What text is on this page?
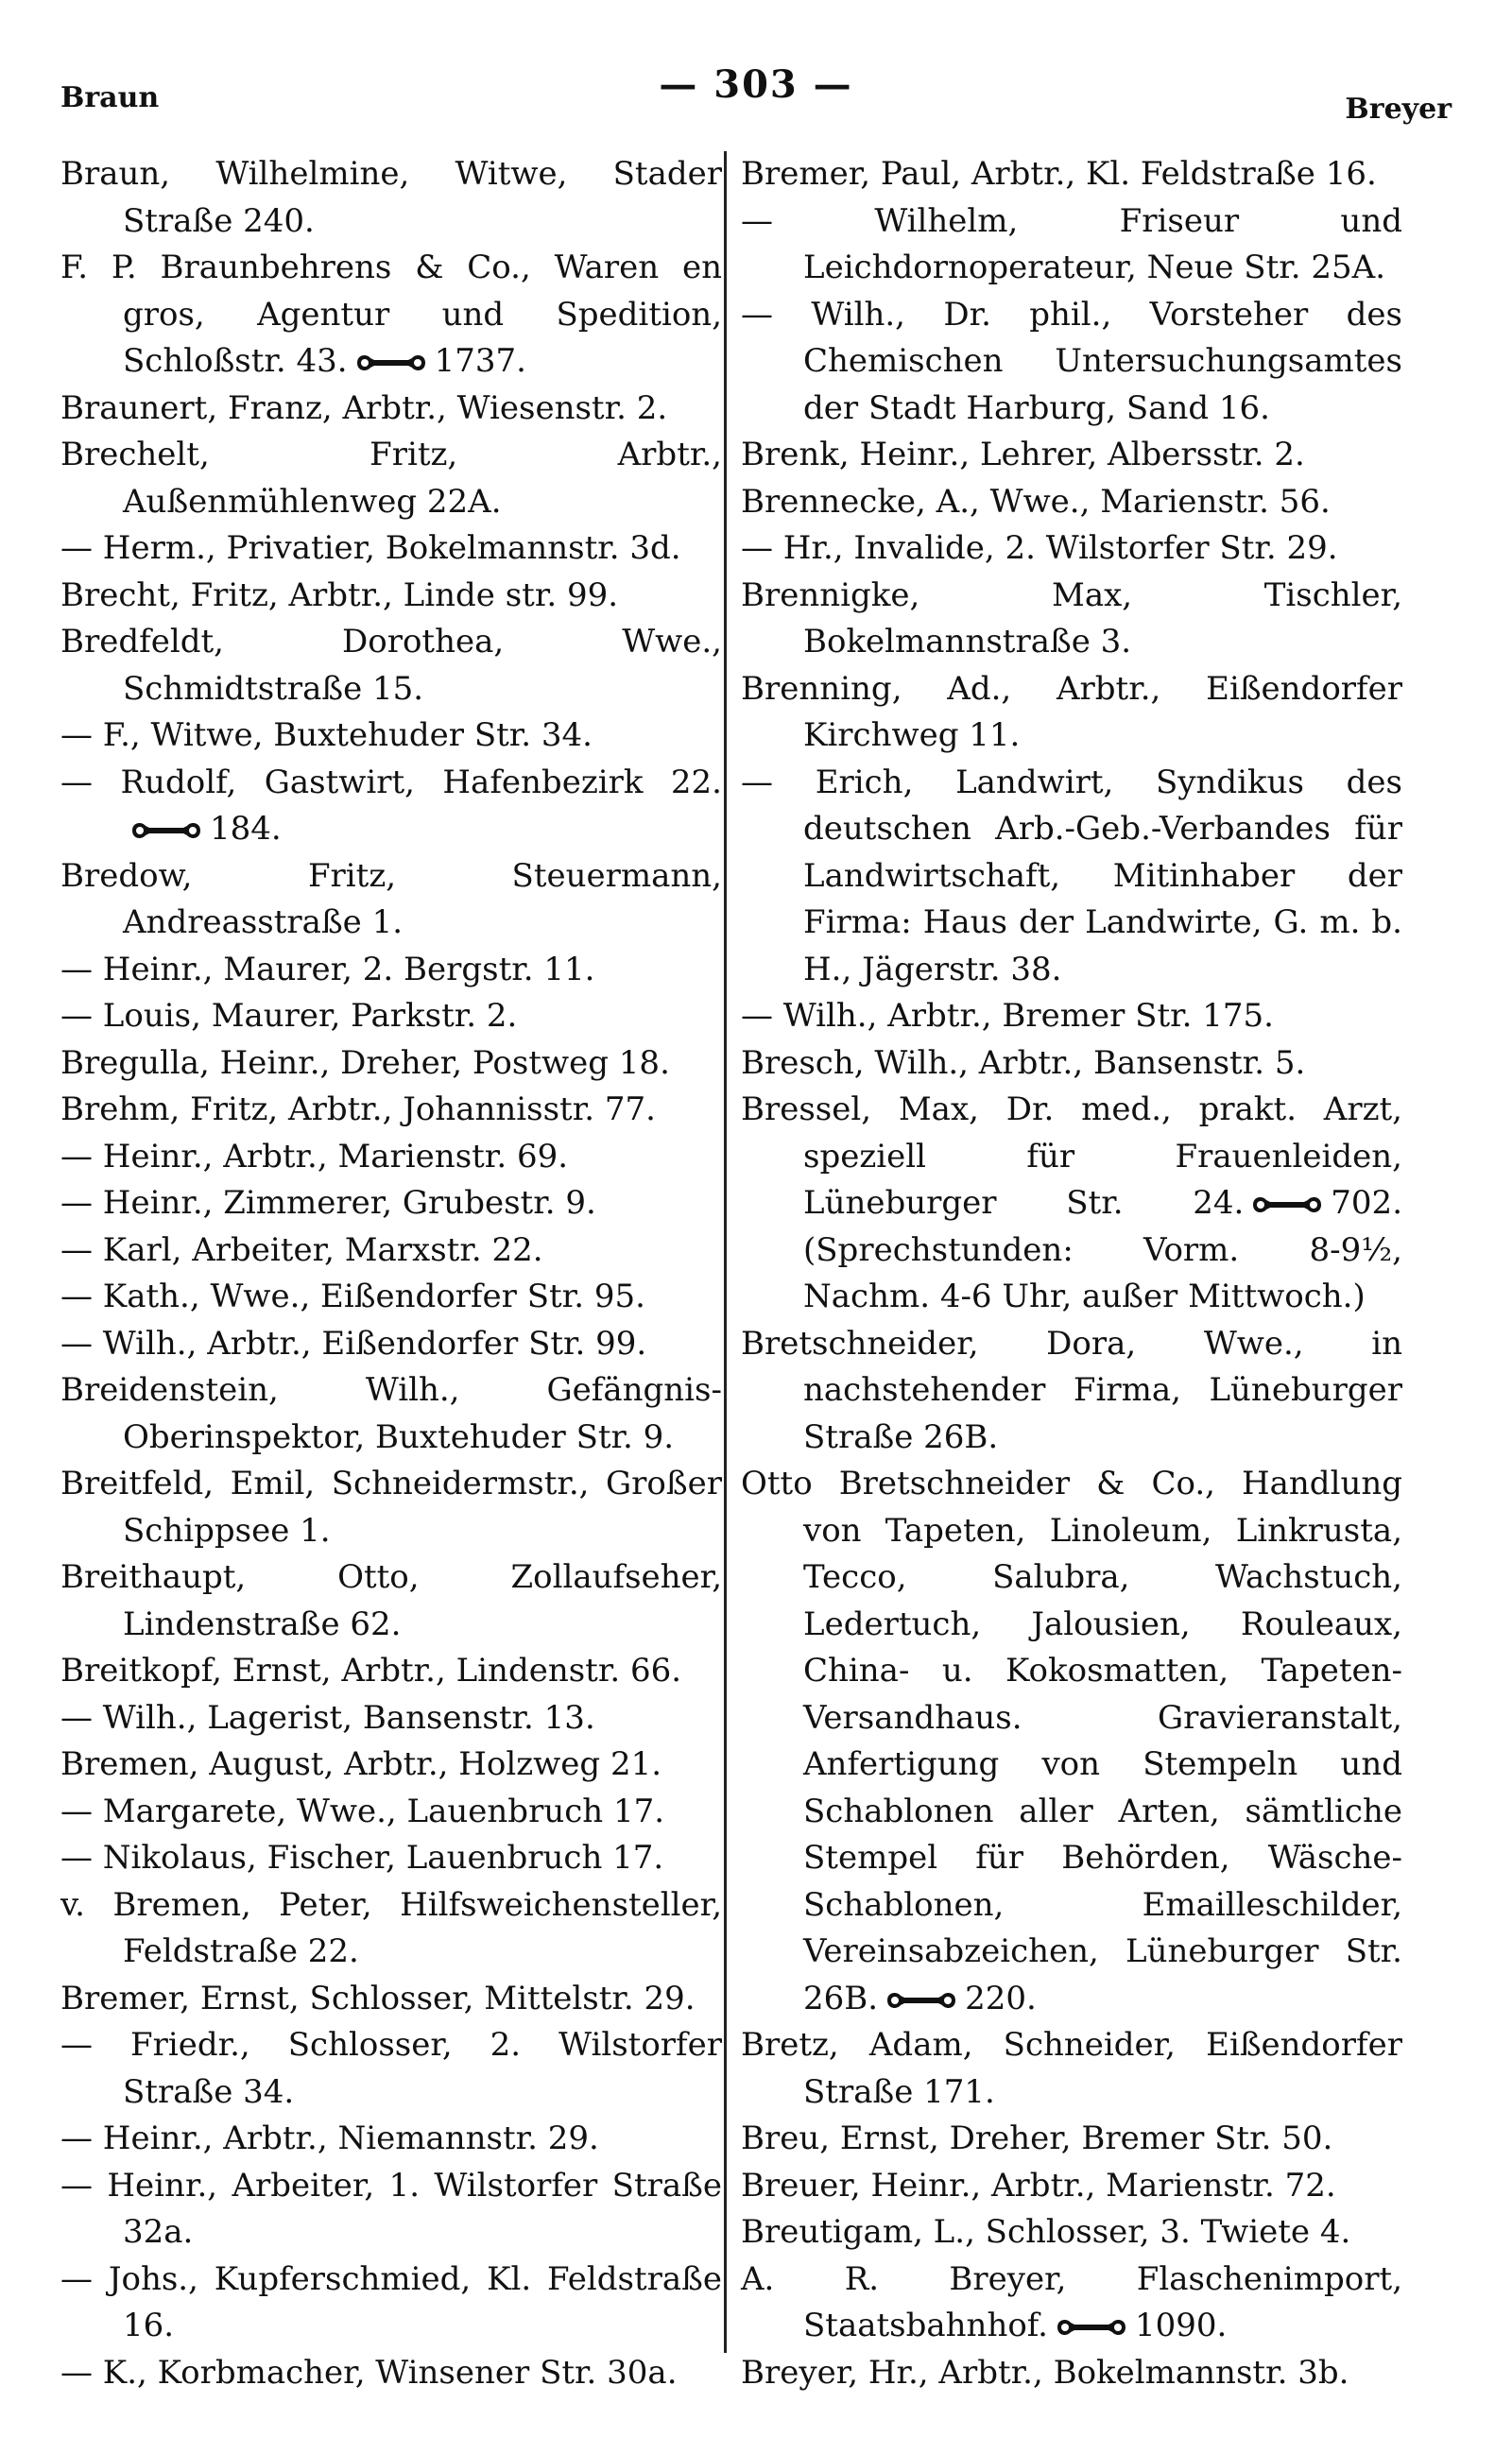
Braun	— 303 —
Breyer
Braun, Wilhelmine, Witwe, Stader Straße 240.
F. P. Braunbehrens & Co., Waren en gros, Agentur und Spedition, Schloßstr. 43.	1737.
Braunert, Franz, Arbtr., Wiesenstr. 2.
Brechelt, Fritz, Arbtr., Außenmühlenweg 22A.
— Herm., Privatier, Bokelmannstr. 3d.
Brecht, Fritz, Arbtr., Linde str. 99.
Bredfeldt, Dorothea, Wwe., Schmidtstraße 15.
— F., Witwe, Buxtehuder Str. 34.
— Rudolf, Gastwirt, Hafenbezirk 22.184.
Bredow, Fritz, Steuermann, Andreasstraße 1.
— Heinr., Maurer, 2. Bergstr. 11.
— Louis, Maurer, Parkstr. 2.
Bregulla, Heinr., Dreher, Postweg 18.
Brehm, Fritz, Arbtr., Johannisstr. 77.
— Heinr., Arbtr., Marienstr. 69.
— Heinr., Zimmerer, Grubestr. 9.
— Karl, Arbeiter, Marxstr. 22.
— Kath., Wwe., Eißendorfer Str. 95.
— Wilh., Arbtr., Eißendorfer Str. 99.
Breidenstein, Wilh., Gefängnis-Oberinspektor, Buxtehuder Str. 9.
Breitfeld, Emil, Schneidermstr., Großer Schippsee 1.
Breithaupt, Otto, Zollaufseher, Lindenstraße 62.
Breitkopf, Ernst, Arbtr., Lindenstr. 66.
— Wilh., Lagerist, Bansenstr. 13.
Bremen, August, Arbtr., Holzweg 21.
— Margarete, Wwe., Lauenbruch 17.
— Nikolaus, Fischer, Lauenbruch 17.
v. Bremen, Peter, Hilfsweichensteller, Feldstraße 22.
Bremer, Ernst, Schlosser, Mittelstr. 29.
— Friedr., Schlosser, 2. Wilstorfer Straße 34.
— Heinr., Arbtr., Niemannstr. 29.
— Heinr., Arbeiter, 1. Wilstorfer Straße 32a.
— Johs., Kupferschmied, Kl. Feldstraße 16.
— K., Korbmacher, Winsener Str. 30a.
Bremer, Paul, Arbtr., Kl. Feldstraße 16.
— Wilhelm, Friseur und Leichdornoperateur, Neue Str. 25A.
— Wilh., Dr. phil., Vorsteher des Chemischen Untersuchungsamtes der Stadt Harburg, Sand 16.
Brenk, Heinr., Lehrer, Albersstr. 2.
Brennecke, A., Wwe., Marienstr. 56.
— Hr., Invalide, 2. Wilstorfer Str. 29.
Brennigke, Max, Tischler, Bokelmannstraße 3.
Brenning, Ad., Arbtr., Eißendorfer Kirchweg 11.
— Erich, Landwirt, Syndikus des deutschen Arb.-Geb.-Verbandes für Landwirtschaft, Mitinhaber der Firma: Haus der Landwirte, G. m. b. H., Jägerstr. 38.
— Wilh., Arbtr., Bremer Str. 175.
Bresch, Wilh., Arbtr., Bansenstr. 5.
Bressel, Max, Dr. med., prakt. Arzt, speziell für Frauenleiden, Lüneburger Str. 24.	702. (Sprechstunden: Vorm. 8-9½, Nachm. 4-6 Uhr, außer Mittwoch.)
Bretschneider, Dora, Wwe., in nachstehender Firma, Lüneburger Straße 26B.
Otto Bretschneider & Co., Handlung von Tapeten, Linoleum, Linkrusta, Tecco, Salubra, Wachstuch, Ledertuch, Jalousien, Rouleaux, China- u. Kokosmatten, Tapeten-Versandhaus. Gravieranstalt, Anfertigung von Stempeln und Schablonen aller Arten, sämtliche Stempel für Behörden, Wäsche-Schablonen, Emailleschilder, Vereinsabzeichen, Lüneburger Str. 26B.	220.
Bretz, Adam, Schneider, Eißendorfer Straße 171.
Breu, Ernst, Dreher, Bremer Str. 50.
Breuer, Heinr., Arbtr., Marienstr. 72.
Breutigam, L., Schlosser, 3. Twiete 4.
A. R. Breyer, Flaschenimport, Staatsbahnhof.	1090.
Breyer, Hr., Arbtr., Bokelmannstr. 3b.
